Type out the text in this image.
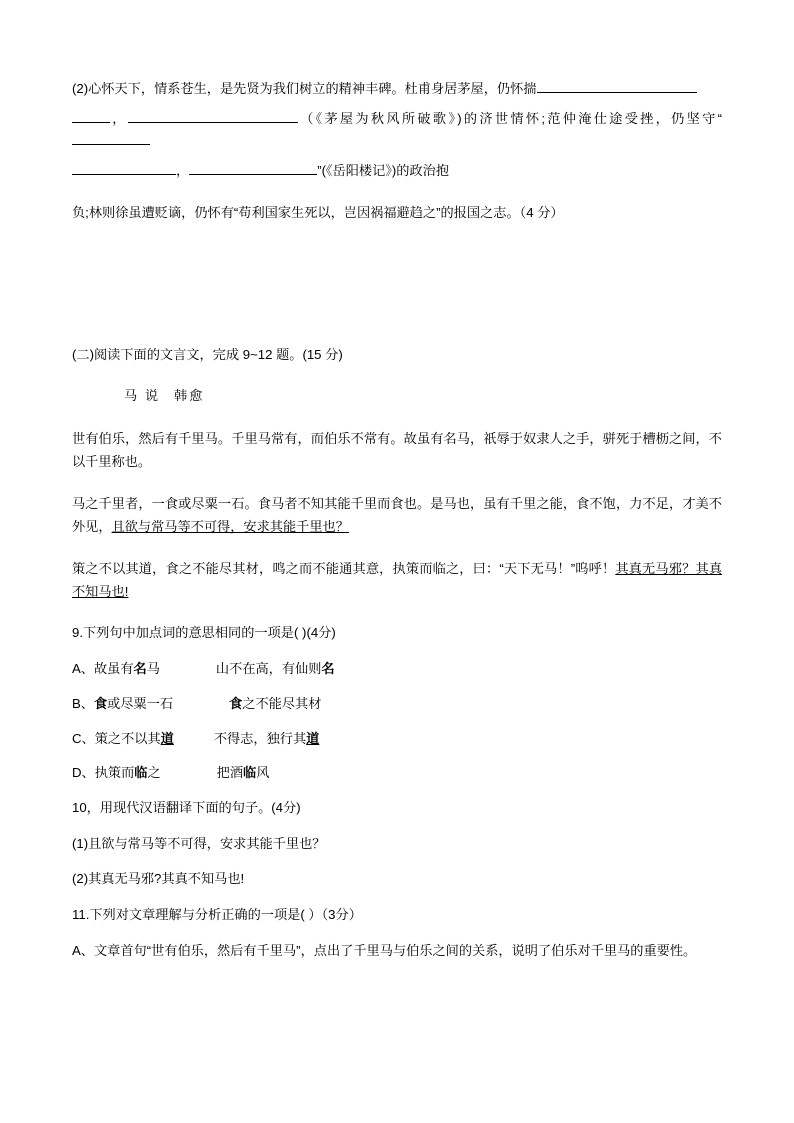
(2)心怀天下，情系苍生，是先贤为我们树立的精神丰碑。杜甫身居茅屋，仍怀揣

，	（《茅屋为秋风所破歌》)的济世情怀;范仲淹仕途受挫，仍坚守“

，	”(《岳阳楼记》)的政治抱

负;林则徐虽遭贬谪，仍怀有“苟利国家生死以，岂因祸福避趋之”的报国之志。（4 分）

(二)阅读下面的文言文，完成 9~12 题。(15 分)

马 说 韩愈

世有伯乐，然后有千里马。千里马常有，而伯乐不常有。故虽有名马，祇辱于奴隶人之手，骈死于槽枥之间，不以千里称也。

马之千里者，一食或尽粟一石。食马者不知其能千里而食也。是马也，虽有千里之能，食不饱，力不足，才美不外见，且欲与常马等不可得，安求其能千里也？

策之不以其道，食之不能尽其材，鸣之而不能通其意，执策而临之，曰：“天下无马！”呜呼！其真无马邪？其真不知马也!

9.下列句中加点词的意思相同的一项是( )(4分)

A、故虽有名马	山不在高，有仙则名

B、食或尽粟一石	食之不能尽其材

C、策之不以其道	不得志，独行其道

D、执策而临之	把酒临风

10，用现代汉语翻译下面的句子。(4分)

(1)且欲与常马等不可得，安求其能千里也？

(2)其真无马邪?其真不知马也!

11.下列对文章理解与分析正确的一项是( ）（3分）

A、文章首句“世有伯乐，然后有千里马”，点出了千里马与伯乐之间的关系，说明了伯乐对千里马的重要性。
